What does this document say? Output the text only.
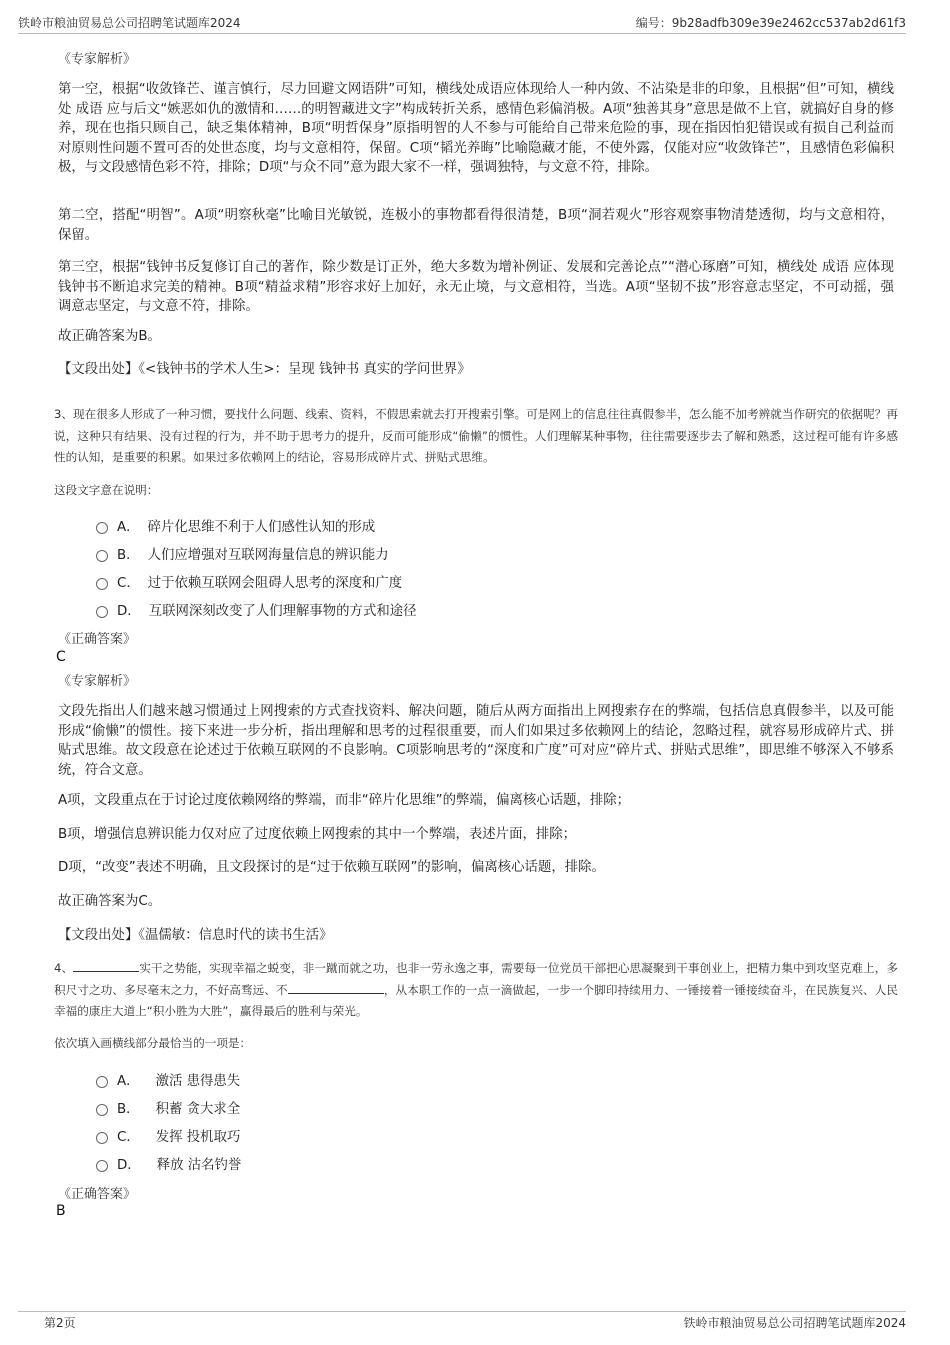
铁岭市粮油贸易总公司招聘笔试题库2024	编号：9b28adfb309e39e2462cc537ab2d61f3
《专家解析》
第一空，根据“收敛锋芒、谨言慎行，尽力回避文网语阱”可知，横线处成语应体现给人一种内敛、不沾染是非的印象，且根据“但”可知，横线处 成语 应与后文“嫉恶如仇的激情和……的明智藏进文字”构成转折关系，感情色彩偏消极。A项“独善其身”意思是做不上官，就搞好自身的修养，现在也指只顾自己，缺乏集体精神，B项“明哲保身”原指明智的人不参与可能给自己带来危险的事，现在指因怕犯错误或有损自己利益而对原则性问题不置可否的处世态度，均与文意相符，保留。C项“韬光养晦”比喻隐藏才能，不使外露，仅能对应“收敛锋芒”，且感情色彩偏积极，与文段感情色彩不符，排除；D项“与众不同”意为跟大家不一样，强调独特，与文意不符，排除。
第二空，搭配“明智”。A项“明察秋毫”比喻目光敏锐，连极小的事物都看得很清楚，B项“洞若观火”形容观察事物清楚透彻，均与文意相符，保留。
第三空，根据“钱钟书反复修订自己的著作，除少数是订正外，绝大多数为增补例证、发展和完善论点”“潜心琢磨”可知，横线处 成语 应体现钱钟书不断追求完美的精神。B项“精益求精”形容求好上加好，永无止境，与文意相符，当选。A项“坚韧不拔”形容意志坚定，不可动摇，强调意志坚定，与文意不符，排除。
故正确答案为B。
【文段出处】《<钱钟书的学术人生>：呈现 钱钟书 真实的学问世界》
3、现在很多人形成了一种习惯，要找什么问题、线索、资料，不假思索就去打开搜索引擎。可是网上的信息往往真假参半，怎么能不加考辨就当作研究的依据呢？再说，这种只有结果、没有过程的行为，并不助于思考力的提升，反而可能形成“偷懒”的惯性。人们理解某种事物，往往需要逐步去了解和熟悉，这过程可能有许多感性的认知，是重要的积累。如果过多依赖网上的结论，容易形成碎片式、拼贴式思维。
这段文字意在说明：
A． 碎片化思维不利于人们感性认知的形成
B． 人们应增强对互联网海量信息的辨识能力
C． 过于依赖互联网会阻碍人思考的深度和广度
D． 互联网深刻改变了人们理解事物的方式和途径
《正确答案》
C
《专家解析》
文段先指出人们越来越习惯通过上网搜索的方式查找资料、解决问题，随后从两方面指出上网搜索存在的弊端，包括信息真假参半，以及可能形成“偷懒”的惯性。接下来进一步分析，指出理解和思考的过程很重要，而人们如果过多依赖网上的结论，忽略过程，就容易形成碎片式、拼贴式思维。故文段意在论述过于依赖互联网的不良影响。C项影响思考的“深度和广度”可对应“碎片式、拼贴式思维”，即思维不够深入不够系统，符合文意。
A项，文段重点在于讨论过度依赖网络的弊端，而非“碎片化思维”的弊端，偏离核心话题，排除；
B项，增强信息辨识能力仅对应了过度依赖上网搜索的其中一个弊端，表述片面，排除；
D项，“改变”表述不明确，且文段探讨的是“过于依赖互联网”的影响，偏离核心话题，排除。
故正确答案为C。
【文段出处】《温儒敏：信息时代的读书生活》
4、	实干之势能，实现幸福之蜕变，非一蹴而就之功，也非一劳永逸之事，需要每一位党员干部把心思凝聚到干事创业上，把精力集中到攻坚克难上，多积尺寸之功、多尽毫末之力，不好高骛远、不	，从本职工作的一点一滴做起，一步一个脚印持续用力、一锤接着一锤接续奋斗，在民族复兴、人民幸福的康庄大道上“积小胜为大胜”，赢得最后的胜利与荣光。
依次填入画横线部分最恰当的一项是：
A． 激活 患得患失
B． 积蓄 贪大求全
C． 发挥 投机取巧
D． 释放 沽名钓誉
《正确答案》
B
第2页	铁岭市粮油贸易总公司招聘笔试题库2024
